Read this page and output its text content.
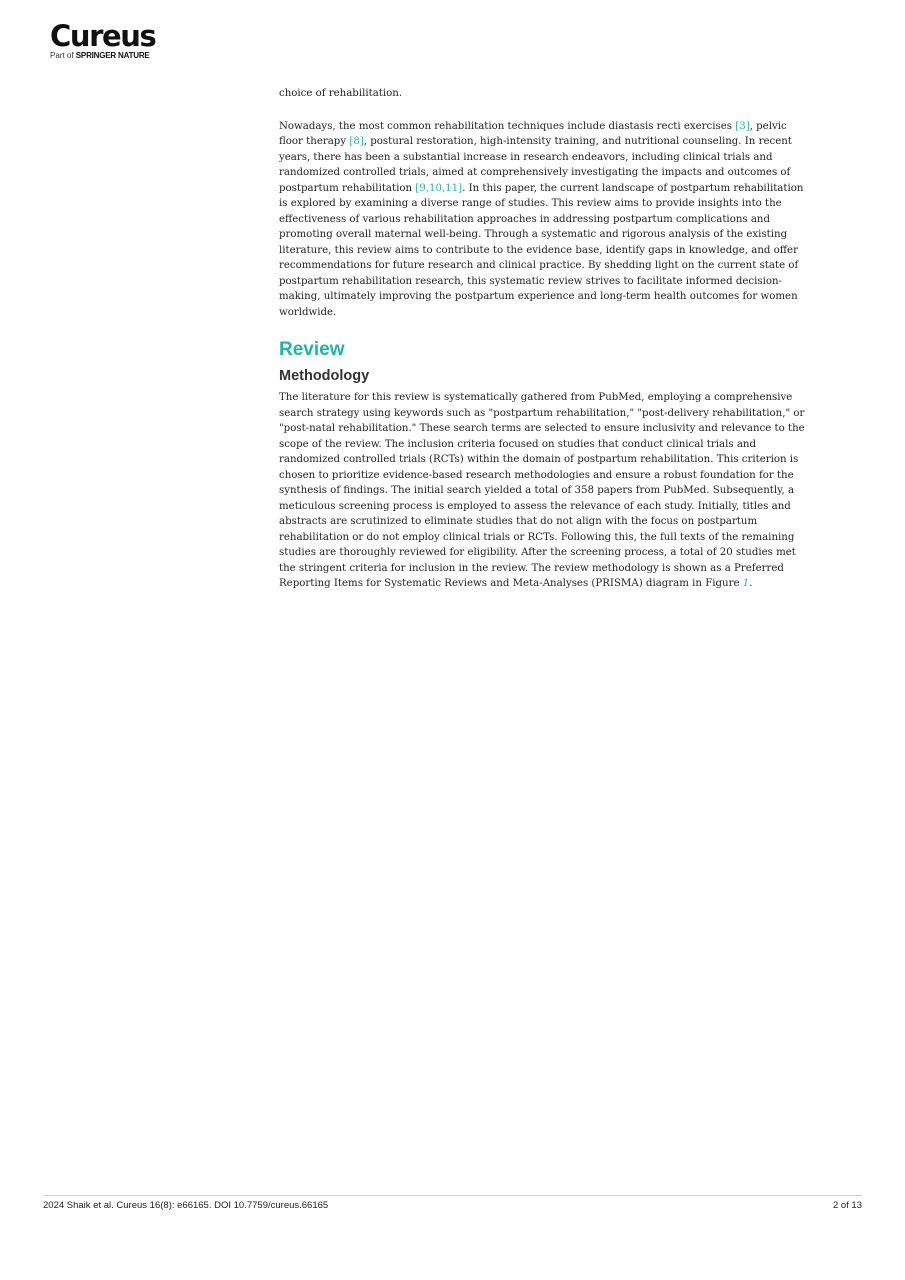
Cureus
Part of SPRINGER NATURE

choice of rehabilitation.

Nowadays, the most common rehabilitation techniques include diastasis recti exercises [3], pelvic floor therapy [8], postural restoration, high-intensity training, and nutritional counseling. In recent years, there has been a substantial increase in research endeavors, including clinical trials and randomized controlled trials, aimed at comprehensively investigating the impacts and outcomes of postpartum rehabilitation [9,10,11]. In this paper, the current landscape of postpartum rehabilitation is explored by examining a diverse range of studies. This review aims to provide insights into the effectiveness of various rehabilitation approaches in addressing postpartum complications and promoting overall maternal well-being. Through a systematic and rigorous analysis of the existing literature, this review aims to contribute to the evidence base, identify gaps in knowledge, and offer recommendations for future research and clinical practice. By shedding light on the current state of postpartum rehabilitation research, this systematic review strives to facilitate informed decision-making, ultimately improving the postpartum experience and long-term health outcomes for women worldwide.

Review
Methodology

The literature for this review is systematically gathered from PubMed, employing a comprehensive search strategy using keywords such as "postpartum rehabilitation," "post-delivery rehabilitation," or "post-natal rehabilitation." These search terms are selected to ensure inclusivity and relevance to the scope of the review. The inclusion criteria focused on studies that conduct clinical trials and randomized controlled trials (RCTs) within the domain of postpartum rehabilitation. This criterion is chosen to prioritize evidence-based research methodologies and ensure a robust foundation for the synthesis of findings. The initial search yielded a total of 358 papers from PubMed. Subsequently, a meticulous screening process is employed to assess the relevance of each study. Initially, titles and abstracts are scrutinized to eliminate studies that do not align with the focus on postpartum rehabilitation or do not employ clinical trials or RCTs. Following this, the full texts of the remaining studies are thoroughly reviewed for eligibility. After the screening process, a total of 20 studies met the stringent criteria for inclusion in the review. The review methodology is shown as a Preferred Reporting Items for Systematic Reviews and Meta-Analyses (PRISMA) diagram in Figure 1.

2024 Shaik et al. Cureus 16(8): e66165. DOI 10.7759/cureus.66165	2 of 13
